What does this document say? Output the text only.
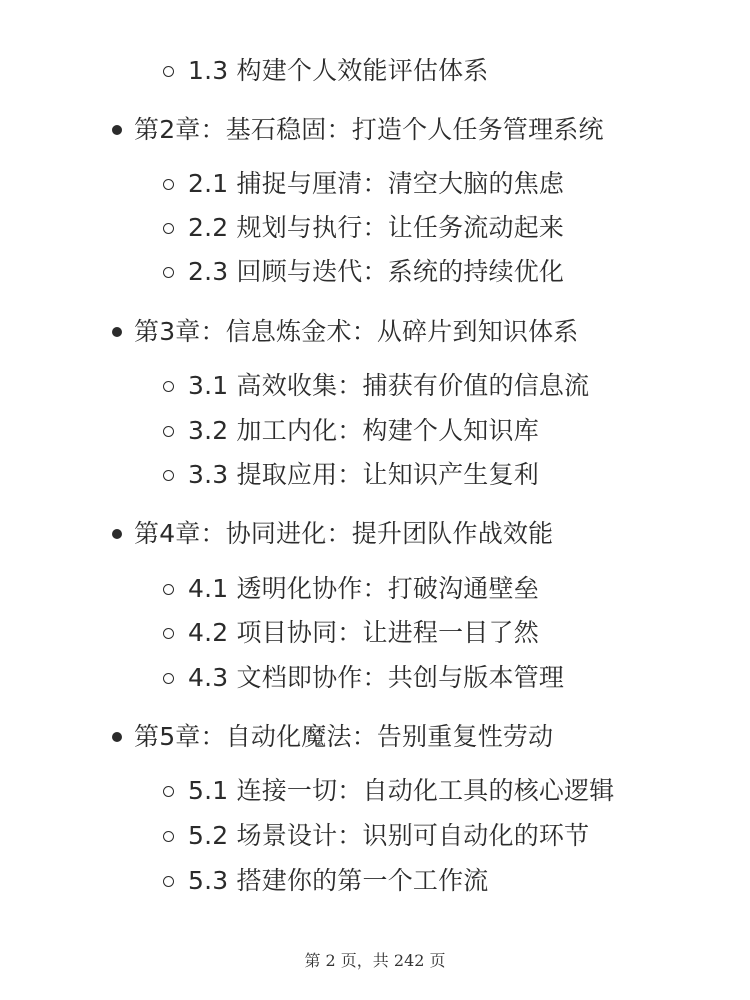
1.3 构建个人效能评估体系
第2章：基石稳固：打造个人任务管理系统
2.1 捕捉与厘清：清空大脑的焦虑
2.2 规划与执行：让任务流动起来
2.3 回顾与迭代：系统的持续优化
第3章：信息炼金术：从碎片到知识体系
3.1 高效收集：捕获有价值的信息流
3.2 加工内化：构建个人知识库
3.3 提取应用：让知识产生复利
第4章：协同进化：提升团队作战效能
4.1 透明化协作：打破沟通壁垒
4.2 项目协同：让进程一目了然
4.3 文档即协作：共创与版本管理
第5章：自动化魔法：告别重复性劳动
5.1 连接一切：自动化工具的核心逻辑
5.2 场景设计：识别可自动化的环节
5.3 搭建你的第一个工作流
第 2 页，共 242 页
